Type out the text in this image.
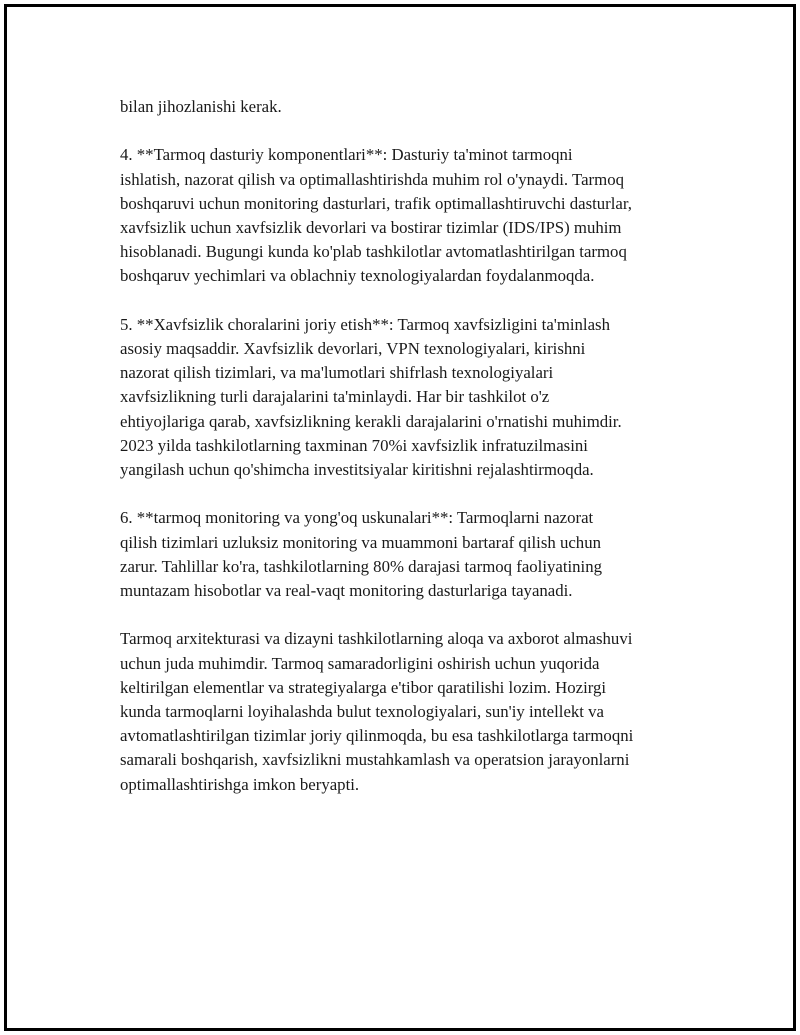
bilan jihozlanishi kerak.

4. **Tarmoq dasturiy komponentlari**: Dasturiy ta'minot tarmoqni
ishlatish, nazorat qilish va optimallashtirishda muhim rol o'ynaydi. Tarmoq
boshqaruvi uchun monitoring dasturlari, trafik optimallashtiruvchi dasturlar,
xavfsizlik uchun xavfsizlik devorlari va bostirar tizimlar (IDS/IPS) muhim
hisoblanadi. Bugungi kunda ko'plab tashkilotlar avtomatlashtirilgan tarmoq
boshqaruv yechimlari va oblachniy texnologiyalardan foydalanmoqda.

5. **Xavfsizlik choralarini joriy etish**: Tarmoq xavfsizligini ta'minlash
asosiy maqsaddir. Xavfsizlik devorlari, VPN texnologiyalari, kirishni
nazorat qilish tizimlari, va ma'lumotlari shifrlash texnologiyalari
xavfsizlikning turli darajalarini ta'minlaydi. Har bir tashkilot o'z
ehtiyojlariga qarab, xavfsizlikning kerakli darajalarini o'rnatishi muhimdir.
2023 yilda tashkilotlarning taxminan 70%i xavfsizlik infratuzilmasini
yangilash uchun qo'shimcha investitsiyalar kiritishni rejalashtirmoqda.

6. **tarmoq monitoring va yong'oq uskunalari**: Tarmoqlarni nazorat
qilish tizimlari uzluksiz monitoring va muammoni bartaraf qilish uchun
zarur. Tahlillar ko'ra, tashkilotlarning 80% darajasi tarmoq faoliyatining
muntazam hisobotlar va real-vaqt monitoring dasturlariga tayanadi.

Tarmoq arxitekturasi va dizayni tashkilotlarning aloqa va axborot almashuvi
uchun juda muhimdir. Tarmoq samaradorligini oshirish uchun yuqorida
keltirilgan elementlar va strategiyalarga e'tibor qaratilishi lozim. Hozirgi
kunda tarmoqlarni loyihalashda bulut texnologiyalari, sun'iy intellekt va
avtomatlashtirilgan tizimlar joriy qilinmoqda, bu esa tashkilotlarga tarmoqni
samarali boshqarish, xavfsizlikni mustahkamlash va operatsion jarayonlarni
optimallashtirishga imkon beryapti.
